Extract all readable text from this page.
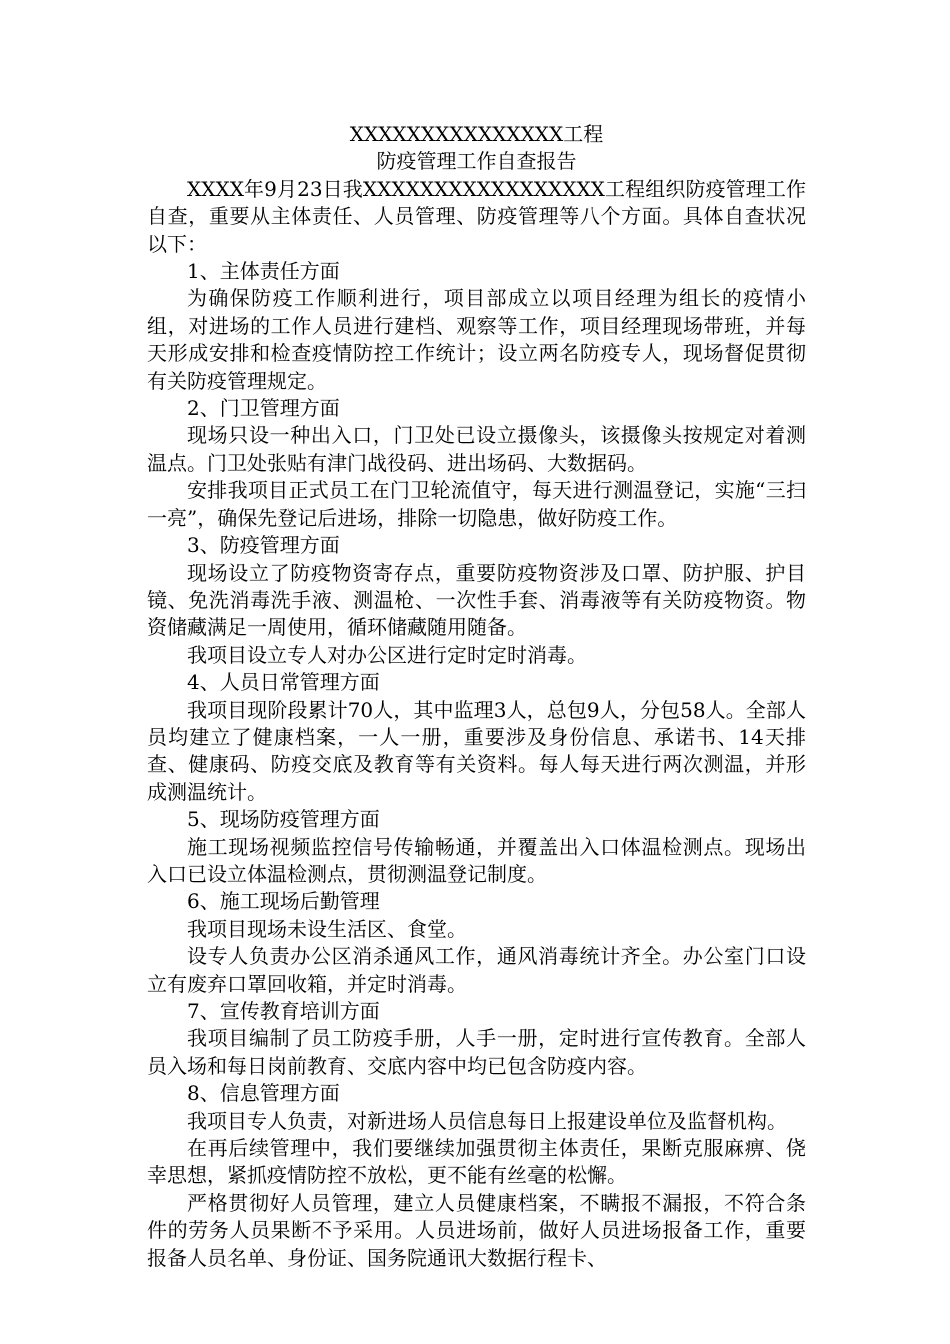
XXXXXXXXXXXXXXX工程

防疫管理工作自查报告

XXXX年9月23日我XXXXXXXXXXXXXXXXX工程组织防疫管理工作自查，重要从主体责任、人员管理、防疫管理等八个方面。具体自查状况以下：

1、主体责任方面

为确保防疫工作顺利进行，项目部成立以项目经理为组长的疫情小组，对进场的工作人员进行建档、观察等工作，项目经理现场带班，并每天形成安排和检查疫情防控工作统计；设立两名防疫专人，现场督促贯彻有关防疫管理规定。

2、门卫管理方面

现场只设一种出入口，门卫处已设立摄像头，该摄像头按规定对着测温点。门卫处张贴有津门战役码、进出场码、大数据码。

安排我项目正式员工在门卫轮流值守，每天进行测温登记，实施“三扫一亮”，确保先登记后进场，排除一切隐患，做好防疫工作。

3、防疫管理方面

现场设立了防疫物资寄存点，重要防疫物资涉及口罩、防护服、护目镜、免洗消毒洗手液、测温枪、一次性手套、消毒液等有关防疫物资。物资储藏满足一周使用，循环储藏随用随备。

我项目设立专人对办公区进行定时定时消毒。

4、人员日常管理方面

我项目现阶段累计70人，其中监理3人，总包9人，分包58人。全部人员均建立了健康档案，一人一册，重要涉及身份信息、承诺书、14天排查、健康码、防疫交底及教育等有关资料。每人每天进行两次测温，并形成测温统计。

5、现场防疫管理方面

施工现场视频监控信号传输畅通，并覆盖出入口体温检测点。现场出入口已设立体温检测点，贯彻测温登记制度。

6、施工现场后勤管理

我项目现场未设生活区、食堂。

设专人负责办公区消杀通风工作，通风消毒统计齐全。办公室门口设立有废弃口罩回收箱，并定时消毒。

7、宣传教育培训方面

我项目编制了员工防疫手册，人手一册，定时进行宣传教育。全部人员入场和每日岗前教育、交底内容中均已包含防疫内容。

8、信息管理方面

我项目专人负责，对新进场人员信息每日上报建设单位及监督机构。

在再后续管理中，我们要继续加强贯彻主体责任，果断克服麻痹、侥幸思想，紧抓疫情防控不放松，更不能有丝毫的松懈。

严格贯彻好人员管理，建立人员健康档案，不瞒报不漏报，不符合条件的劳务人员果断不予采用。人员进场前，做好人员进场报备工作，重要报备人员名单、身份证、国务院通讯大数据行程卡、
